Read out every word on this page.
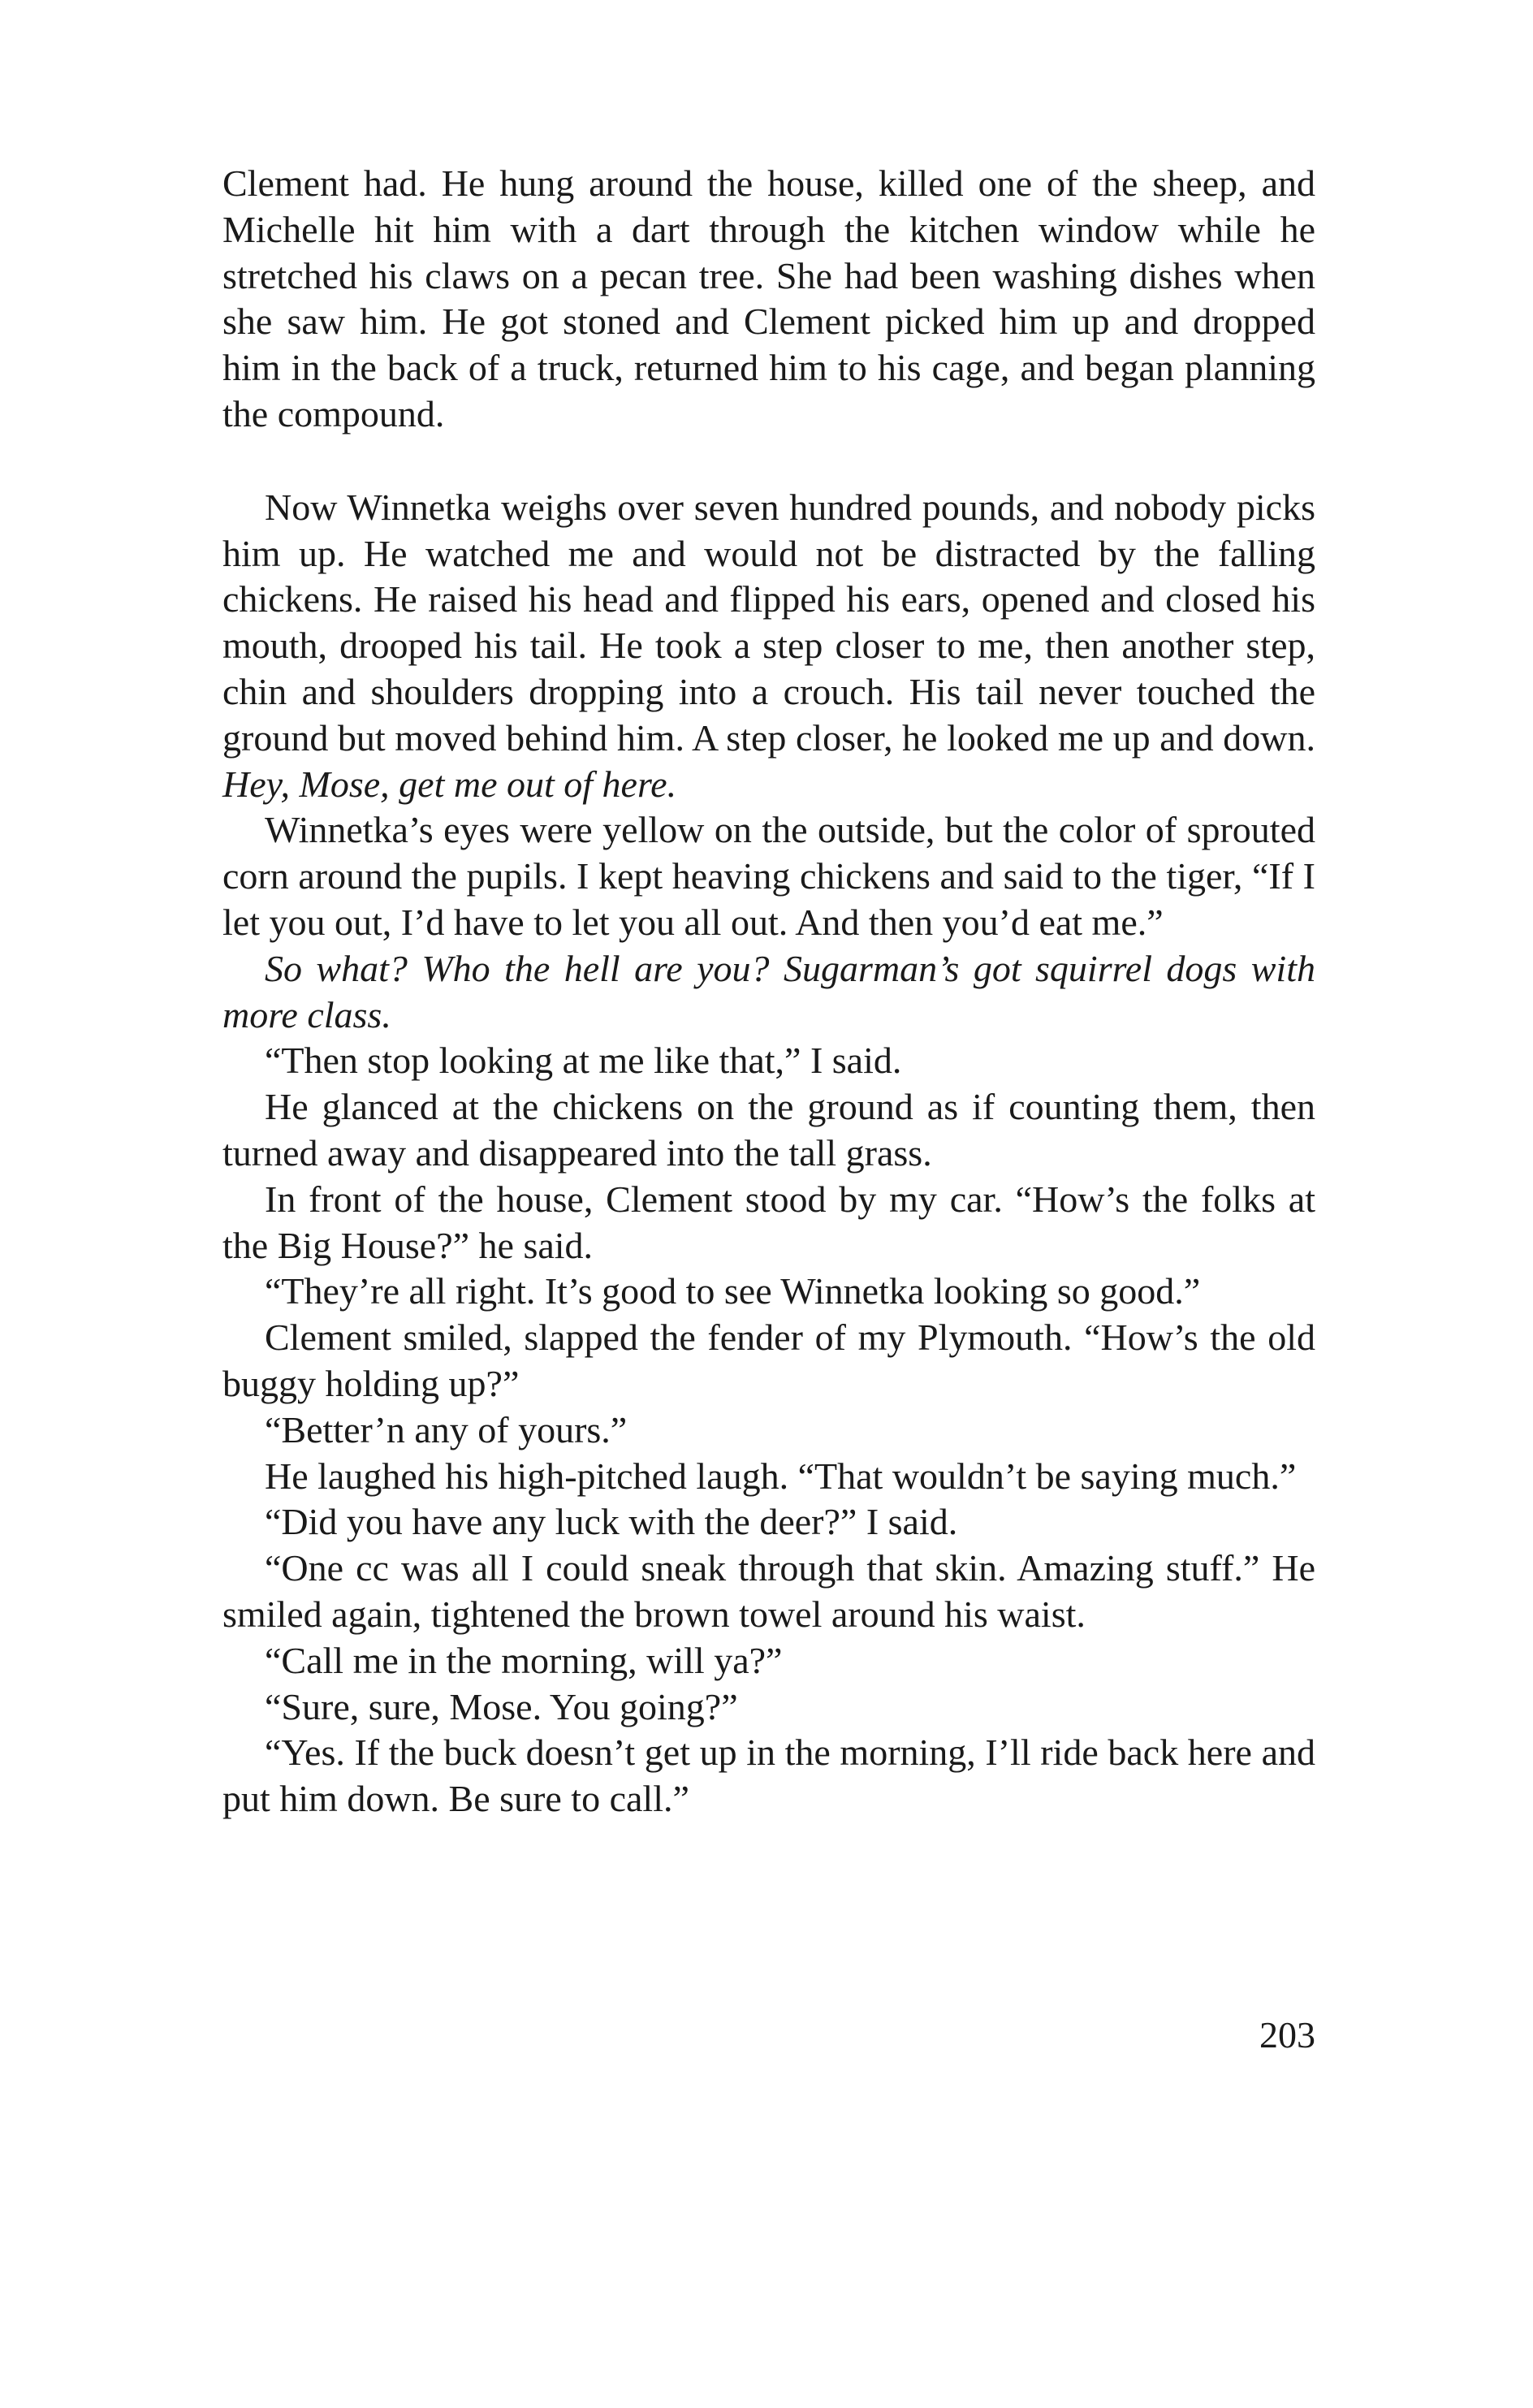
Clement had. He hung around the house, killed one of the sheep, and Michelle hit him with a dart through the kitchen window while he stretched his claws on a pecan tree. She had been washing dishes when she saw him. He got stoned and Clement picked him up and dropped him in the back of a truck, returned him to his cage, and began planning the compound.

Now Winnetka weighs over seven hundred pounds, and nobody picks him up. He watched me and would not be distracted by the falling chickens. He raised his head and flipped his ears, opened and closed his mouth, drooped his tail. He took a step closer to me, then another step, chin and shoulders dropping into a crouch. His tail never touched the ground but moved behind him. A step closer, he looked me up and down. Hey, Mose, get me out of here.

Winnetka’s eyes were yellow on the outside, but the color of sprouted corn around the pupils. I kept heaving chickens and said to the tiger, “If I let you out, I’d have to let you all out. And then you’d eat me.”

So what? Who the hell are you? Sugarman’s got squirrel dogs with more class.

“Then stop looking at me like that,” I said.

He glanced at the chickens on the ground as if counting them, then turned away and disappeared into the tall grass.

In front of the house, Clement stood by my car. “How’s the folks at the Big House?” he said.

“They’re all right. It’s good to see Winnetka looking so good.”

Clement smiled, slapped the fender of my Plymouth. “How’s the old buggy holding up?”

“Better’n any of yours.”

He laughed his high-pitched laugh. “That wouldn’t be saying much.”

“Did you have any luck with the deer?” I said.

“One cc was all I could sneak through that skin. Amazing stuff.” He smiled again, tightened the brown towel around his waist.

“Call me in the morning, will ya?”

“Sure, sure, Mose. You going?”

“Yes. If the buck doesn’t get up in the morning, I’ll ride back here and put him down. Be sure to call.”

203
